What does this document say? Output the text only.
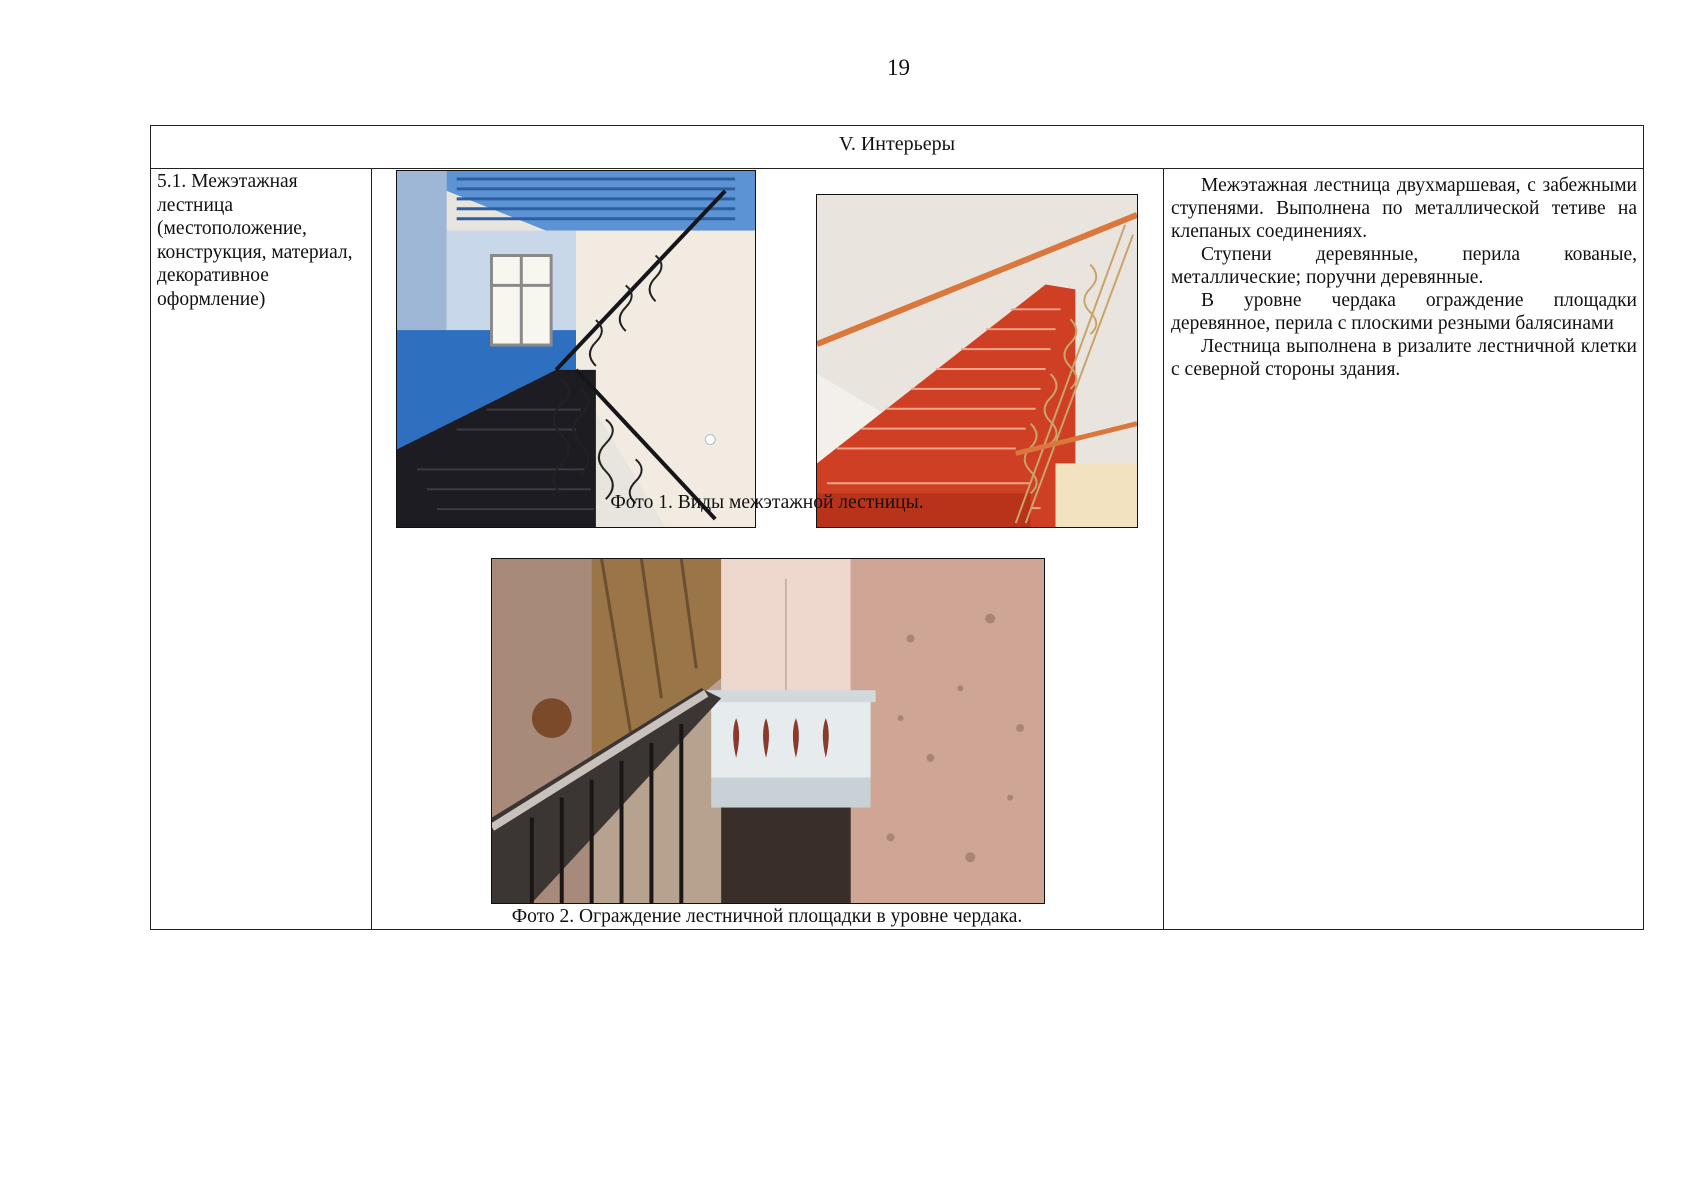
19
V. Интерьеры
5.1. Межэтажная
лестница
(местоположение,
конструкция, материал,
декоративное
оформление)

Межэтажная лестница двухмаршевая, с забежными ступенями. Выполнена по металлической тетиве на клепаных соединениях.

Ступени деревянные, перила кованые, металлические; поручни деревянные.

В уровне чердака ограждение площадки деревянное, перила с плоскими резными балясинами

Лестница выполнена в ризалите лестничной клетки с северной стороны здания.

Фото 1. Виды межэтажной лестницы.
Фото 2. Ограждение лестничной площадки в уровне чердака.
